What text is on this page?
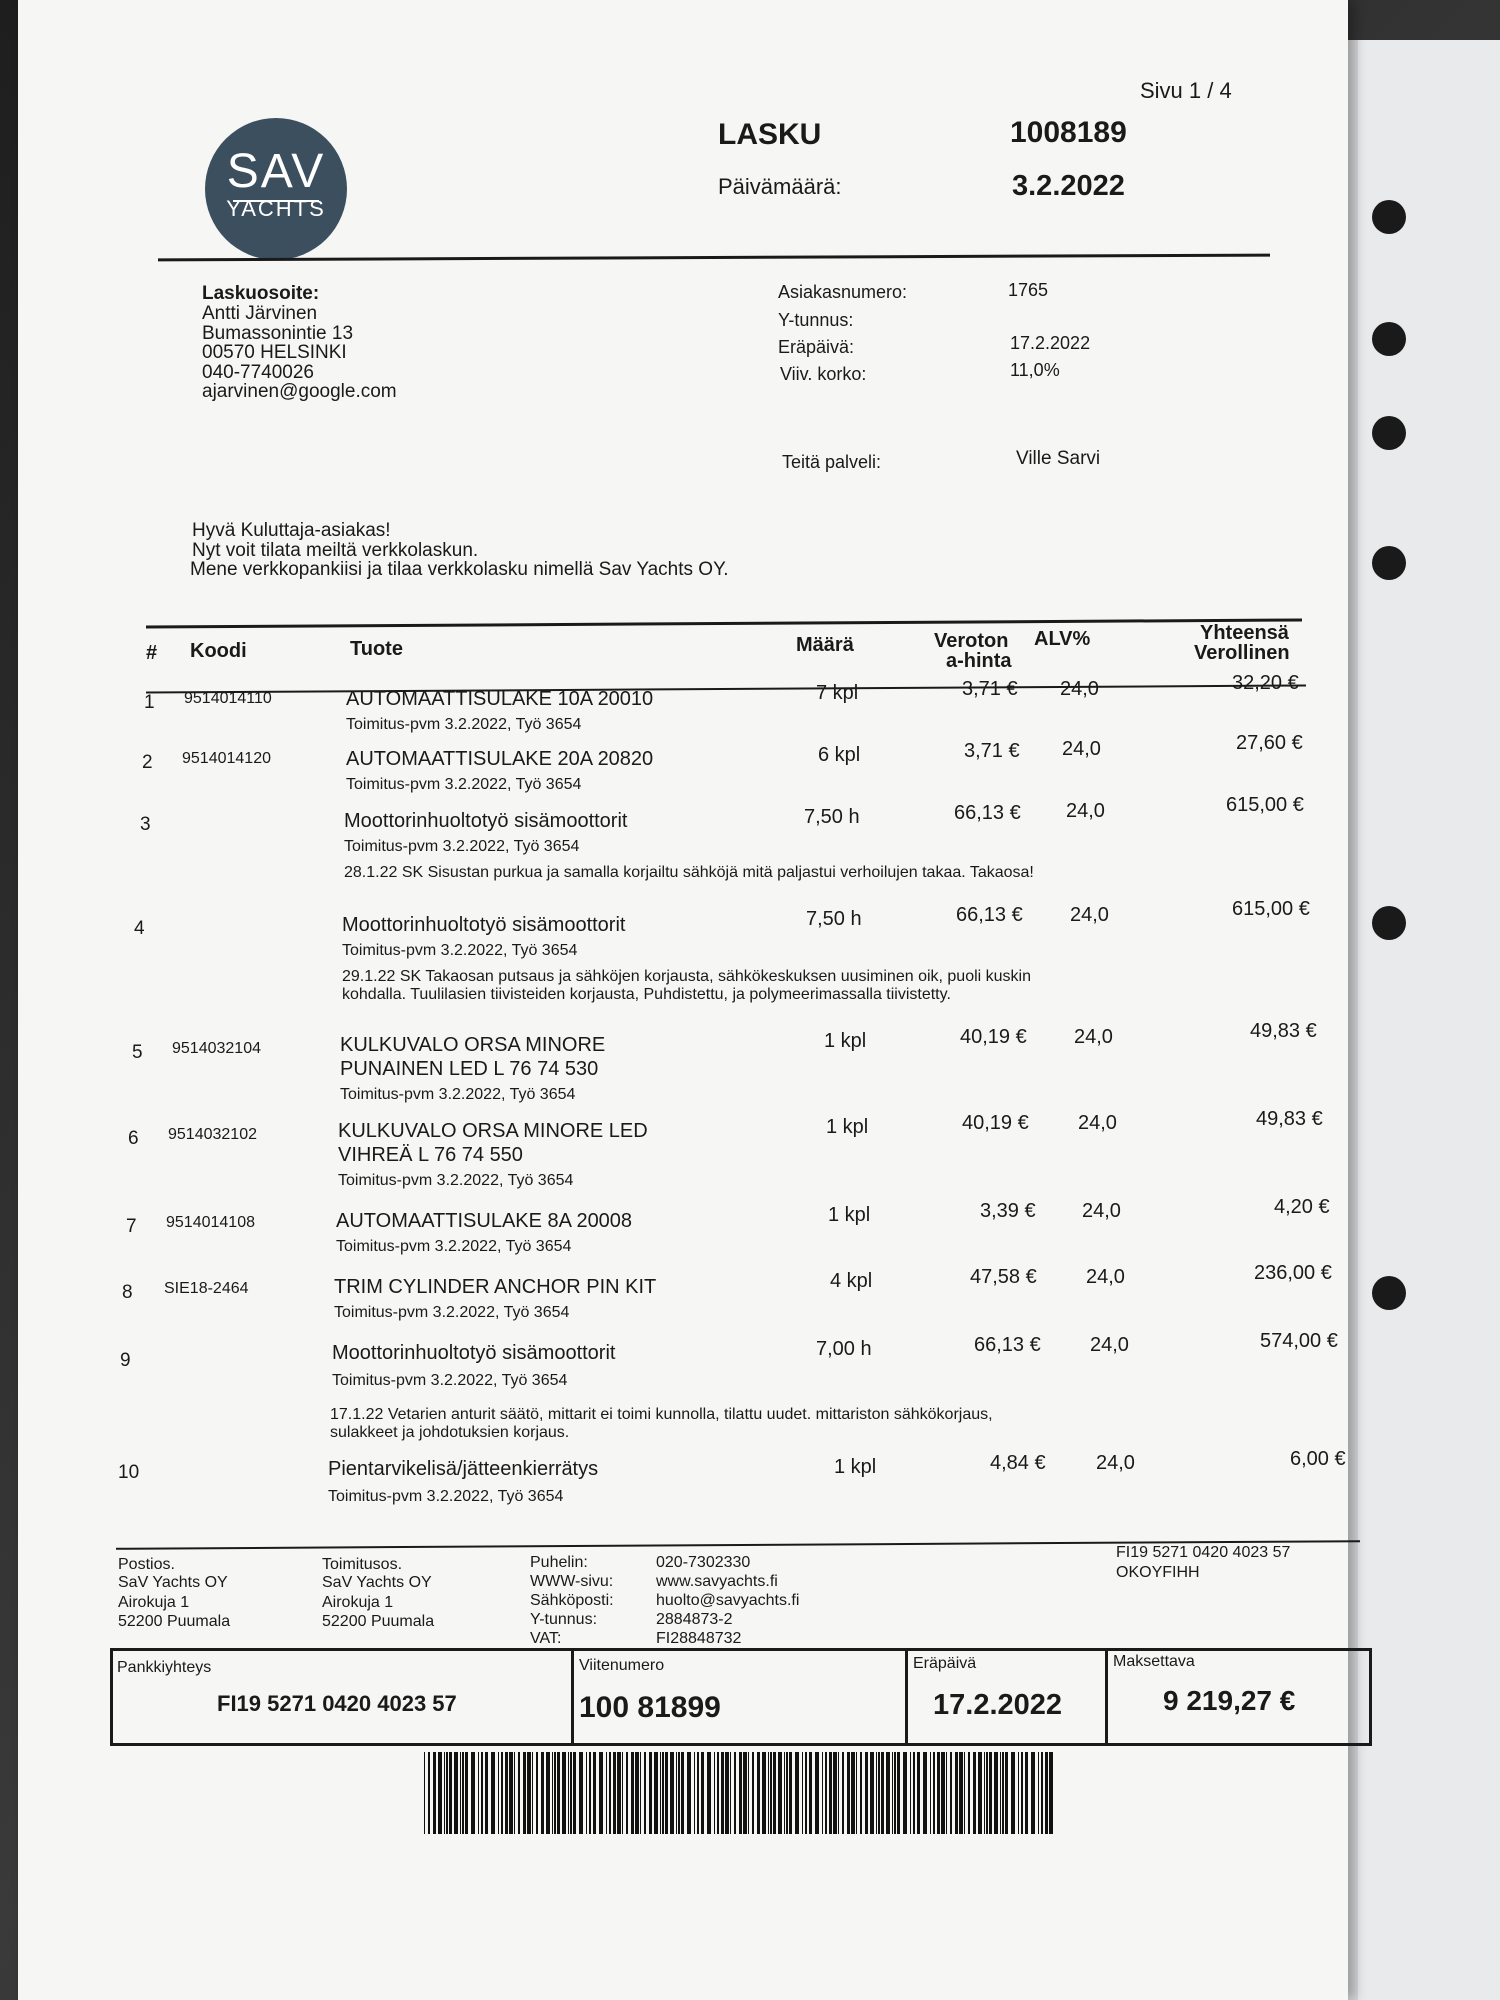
Sivu 1 / 4
SAV
YACHTS
LASKU	1008189
Päivämäärä:	3.2.2022
Laskuosoite:
Antti Järvinen
Bumassonintie 13
00570 HELSINKI
040-7740026
ajarvinen@google.com
Asiakasnumero:	1765
Y-tunnus:
Eräpäivä:	17.2.2022
Viiv. korko:	11,0%
Teitä palveli:	Ville Sarvi
Hyvä Kuluttaja-asiakas!
Nyt voit tilata meiltä verkkolaskun.
Mene verkkopankiisi ja tilaa verkkolasku nimellä Sav Yachts OY.
# Koodi	Tuote	Määrä	Veroton
a-hinta
ALV%	Yhteensä
Verollinen
1 9514014110	AUTOMAATTISULAKE 10A 20010
Toimitus-pvm 3.2.2022, Työ 3654
7 kpl	3,71 € 24,0	32,20 €
2 9514014120	AUTOMAATTISULAKE 20A 20820
Toimitus-pvm 3.2.2022, Työ 3654
6 kpl	3,71 € 24,0	27,60 €
3	Moottorinhuoltotyö sisämoottorit
Toimitus-pvm 3.2.2022, Työ 3654
7,50 h	66,13 € 24,0	615,00 €
28.1.22 SK Sisustan purkua ja samalla korjailtu sähköjä mitä paljastui verhoilujen takaa. Takaosa!
4	Moottorinhuoltotyö sisämoottorit
Toimitus-pvm 3.2.2022, Työ 3654
7,50 h	66,13 € 24,0	615,00 €
29.1.22 SK Takaosan putsaus ja sähköjen korjausta, sähkökeskuksen uusiminen oik, puoli kuskin kohdalla. Tuulilasien tiivisteiden korjausta, Puhdistettu, ja polymeerimassalla tiivistetty.
5 9514032104	KULKUVALO ORSA MINORE
PUNAINEN LED L 76 74 530
Toimitus-pvm 3.2.2022, Työ 3654
1 kpl	40,19 € 24,0	49,83 €
6 9514032102	KULKUVALO ORSA MINORE LED
VIHREÄ L 76 74 550
Toimitus-pvm 3.2.2022, Työ 3654
1 kpl	40,19 € 24,0	49,83 €
7 9514014108	AUTOMAATTISULAKE 8A 20008
Toimitus-pvm 3.2.2022, Työ 3654
1 kpl	3,39 € 24,0	4,20 €
8 SIE18-2464	TRIM CYLINDER ANCHOR PIN KIT
Toimitus-pvm 3.2.2022, Työ 3654
4 kpl	47,58 € 24,0	236,00 €
9	Moottorinhuoltotyö sisämoottorit
Toimitus-pvm 3.2.2022, Työ 3654
7,00 h	66,13 € 24,0	574,00 €
17.1.22 Vetarien anturit säätö, mittarit ei toimi kunnolla, tilattu uudet. mittariston sähkökorjaus, sulakkeet ja johdotuksien korjaus.
10	Pientarvikelisä/jätteenkierrätys
Toimitus-pvm 3.2.2022, Työ 3654
1 kpl	4,84 €	24,0	6,00 €
Postios.
SaV Yachts OY
Airokuja 1
52200 Puumala
Toimitusos.
SaV Yachts OY
Airokuja 1
52200 Puumala
Puhelin:	020-7302330
WWW-sivu:	www.savyachts.fi
Sähköposti:	huolto@savyachts.fi
Y-tunnus:	2884873-2
VAT:	FI28848732
FI19 5271 0420 4023 57
OKOYFIHH
Pankkiyhteys
FI19 5271 0420 4023 57
Viitenumero
100 81899
Eräpäivä
17.2.2022
Maksettava
9 219,27 €
